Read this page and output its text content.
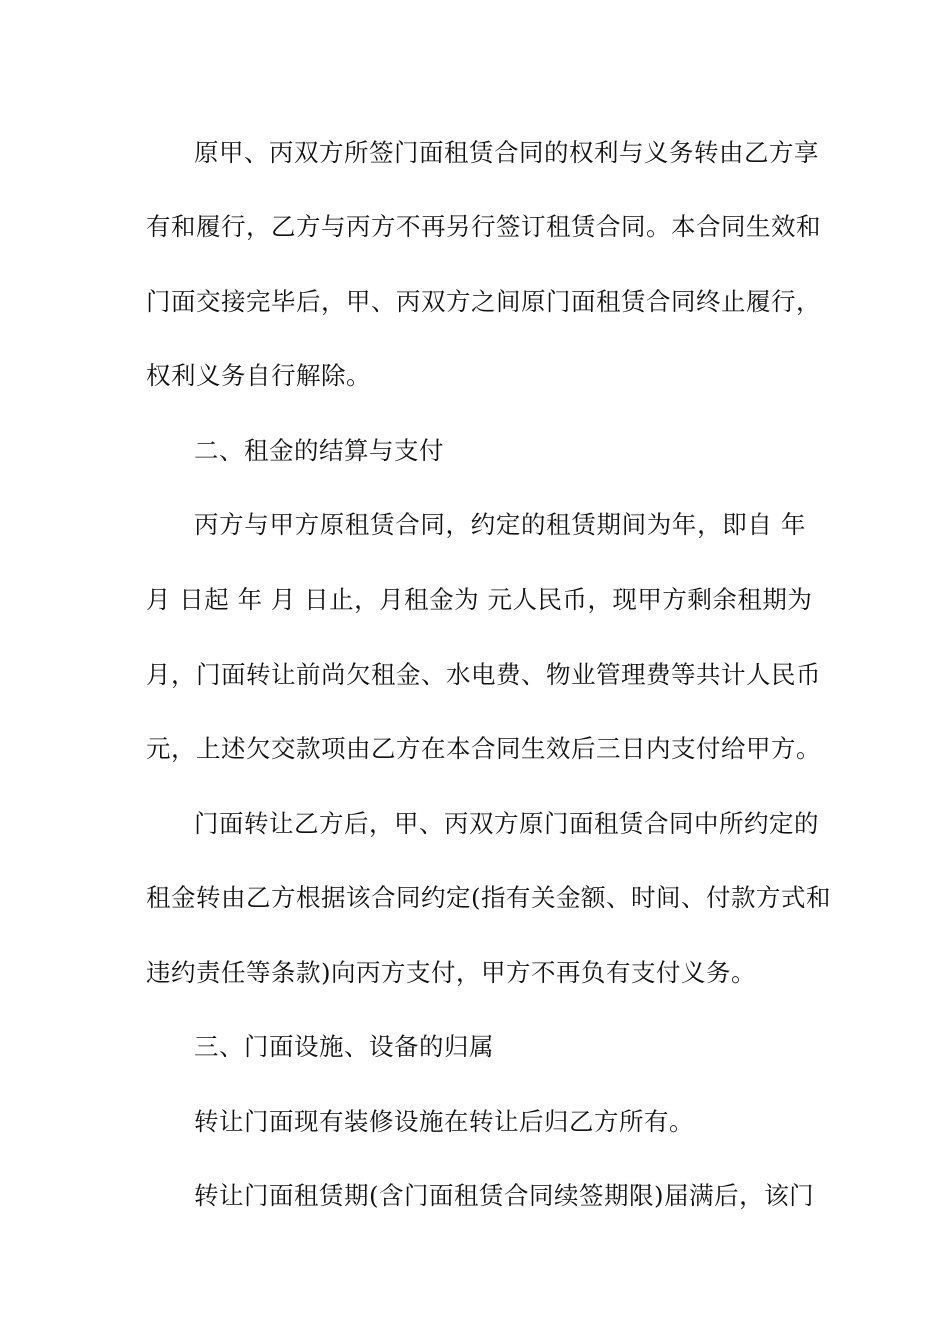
原甲、丙双方所签门面租赁合同的权利与义务转由乙方享
有和履行，乙方与丙方不再另行签订租赁合同。本合同生效和
门面交接完毕后，甲、丙双方之间原门面租赁合同终止履行，
权利义务自行解除。
二、租金的结算与支付
丙方与甲方原租赁合同，约定的租赁期间为年，即自 年
月 日起 年 月 日止，月租金为 元人民币，现甲方剩余租期为
月，门面转让前尚欠租金、水电费、物业管理费等共计人民币
元，上述欠交款项由乙方在本合同生效后三日内支付给甲方。
门面转让乙方后，甲、丙双方原门面租赁合同中所约定的
租金转由乙方根据该合同约定(指有关金额、时间、付款方式和
违约责任等条款)向丙方支付，甲方不再负有支付义务。
三、门面设施、设备的归属
转让门面现有装修设施在转让后归乙方所有。
转让门面租赁期(含门面租赁合同续签期限)届满后，该门
